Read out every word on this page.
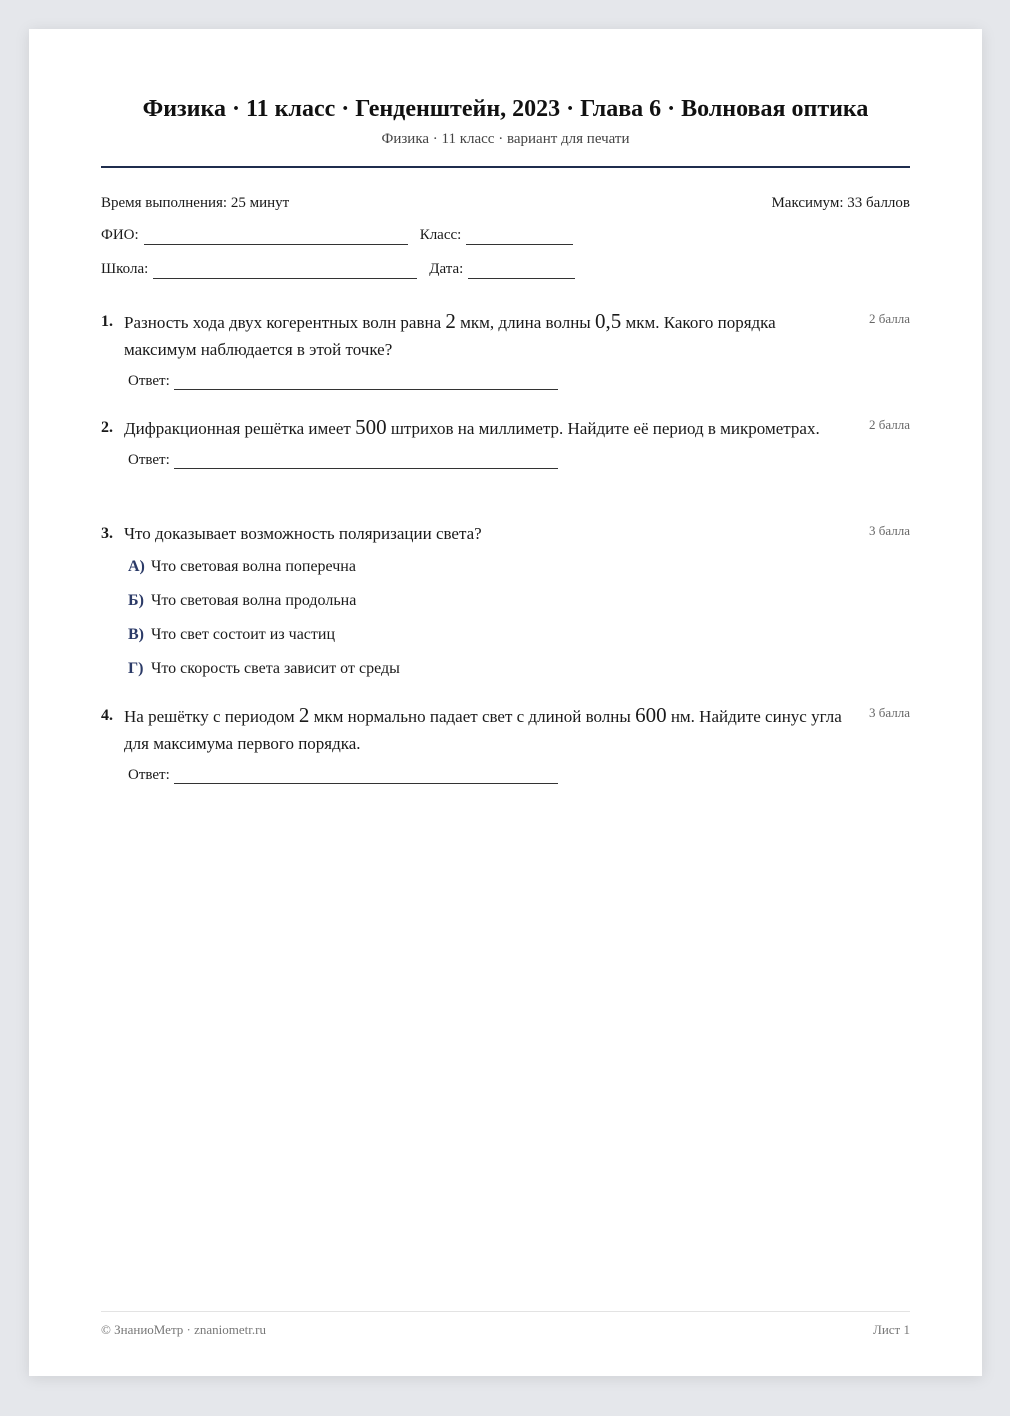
Физика · 11 класс · Генденштейн, 2023 · Глава 6 · Волновая оптика
Физика · 11 класс · вариант для печати
Время выполнения: 25 минут	Максимум: 33 баллов
ФИО:	Класс:
Школа:	Дата:
1.	2 балла
Разность хода двух когерентных волн равна 2 мкм, длина волны 0,5 мкм. Какого порядка максимум наблюдается в этой точке?
Ответ:
2.	2 балла
Дифракционная решётка имеет 500 штрихов на миллиметр. Найдите её период в микрометрах.
Ответ:
3.	3 балла
Что доказывает возможность поляризации света?
А) Что световая волна поперечна
Б) Что световая волна продольна
В) Что свет состоит из частиц
Г) Что скорость света зависит от среды
4.	3 балла
На решётку с периодом 2 мкм нормально падает свет с длиной волны 600 нм. Найдите синус угла для максимума первого порядка.
Ответ:
© ЗнаниоМетр · znaniometr.ru	Лист 1
